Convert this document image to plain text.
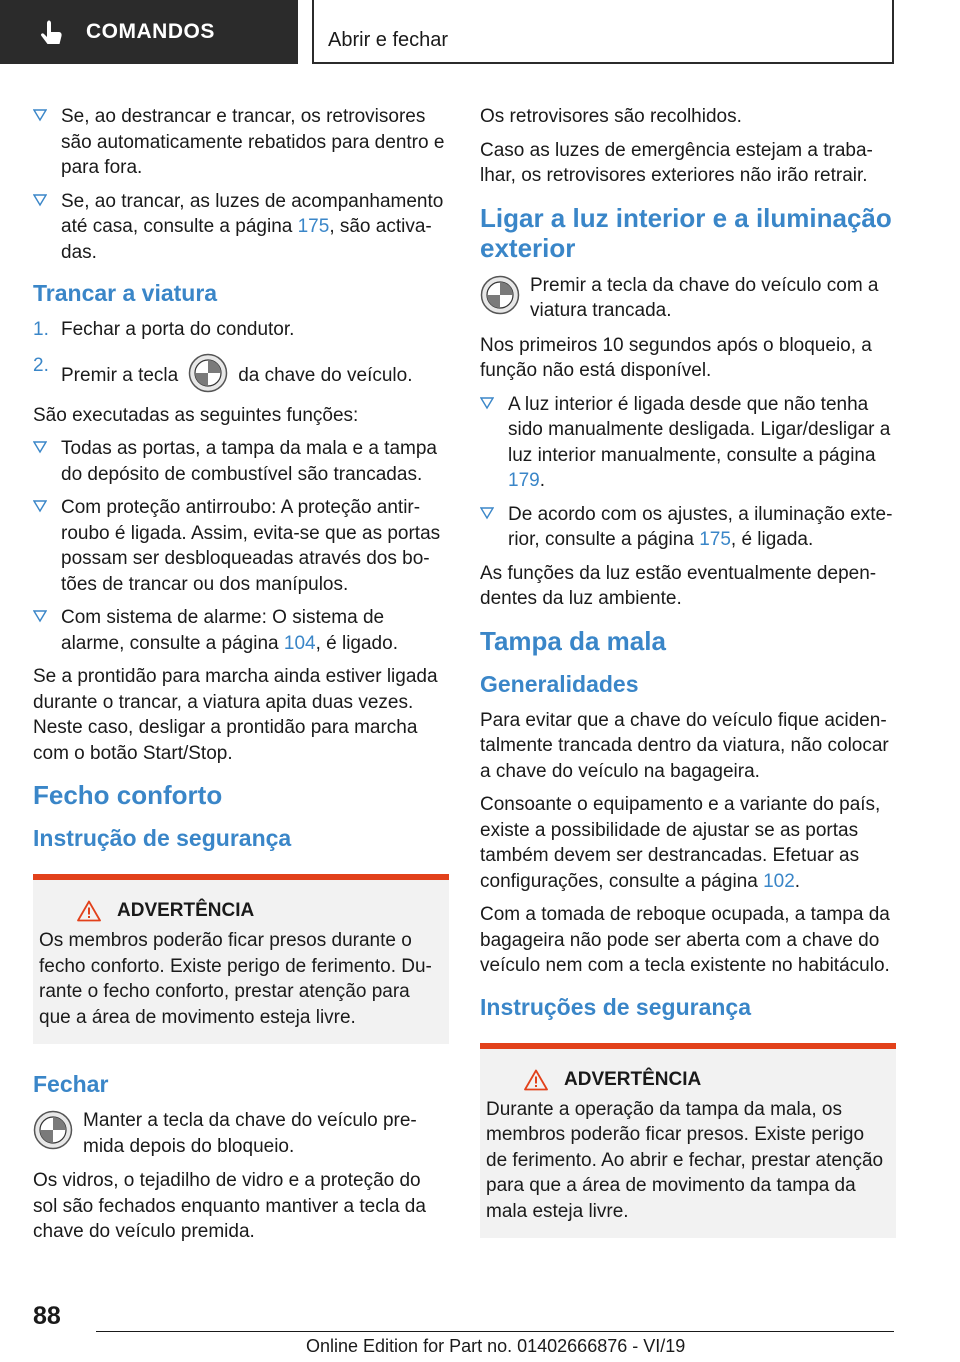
COMANDOS	Abrir e fechar
Se, ao destrancar e trancar, os retrovisores são automaticamente rebatidos para dentro e para fora.
Se, ao trancar, as luzes de acompanhamento até casa, consulte a página 175, são activadas.
Trancar a viatura
1. Fechar a porta do condutor.
2. Premir a tecla	da chave do veículo.

São executadas as seguintes funções:

Todas as portas, a tampa da mala e a tampa do depósito de combustível são trancadas.
Com proteção antirroubo: A proteção antirroubo é ligada. Assim, evita-se que as portas possam ser desbloqueadas através dos botões de trancar ou dos manípulos.
Com sistema de alarme: O sistema de alarme, consulte a página 104, é ligado.

Se a prontidão para marcha ainda estiver ligada durante o trancar, a viatura apita duas vezes. Neste caso, desligar a prontidão para marcha com o botão Start/Stop.

Fecho conforto
Instrução de segurança
ADVERTÊNCIA

Os membros poderão ficar presos durante o fecho conforto. Existe perigo de ferimento. Durante o fecho conforto, prestar atenção para que a área de movimento esteja livre.

Fechar

Manter a tecla da chave do veículo premida depois do bloqueio.

Os vidros, o tejadilho de vidro e a proteção do sol são fechados enquanto mantiver a tecla da chave do veículo premida.

Os retrovisores são recolhidos.

Caso as luzes de emergência estejam a trabalhar, os retrovisores exteriores não irão retrair.

Ligar a luz interior e a iluminação exterior

Premir a tecla da chave do veículo com a viatura trancada.

Nos primeiros 10 segundos após o bloqueio, a função não está disponível.

A luz interior é ligada desde que não tenha sido manualmente desligada. Ligar/desligar a luz interior manualmente, consulte a página 179.
De acordo com os ajustes, a iluminação exterior, consulte a página 175, é ligada.

As funções da luz estão eventualmente dependentes da luz ambiente.

Tampa da mala
Generalidades

Para evitar que a chave do veículo fique acidentalmente trancada dentro da viatura, não colocar a chave do veículo na bagageira.

Consoante o equipamento e a variante do país, existe a possibilidade de ajustar se as portas também devem ser destrancadas. Efetuar as configurações, consulte a página 102.

Com a tomada de reboque ocupada, a tampa da bagageira não pode ser aberta com a chave do veículo nem com a tecla existente no habitáculo.

Instruções de segurança
ADVERTÊNCIA

Durante a operação da tampa da mala, os membros poderão ficar presos. Existe perigo de ferimento. Ao abrir e fechar, prestar atenção para que a área de movimento da tampa da mala esteja livre.

88
Online Edition for Part no. 01402666876 - VI/19
